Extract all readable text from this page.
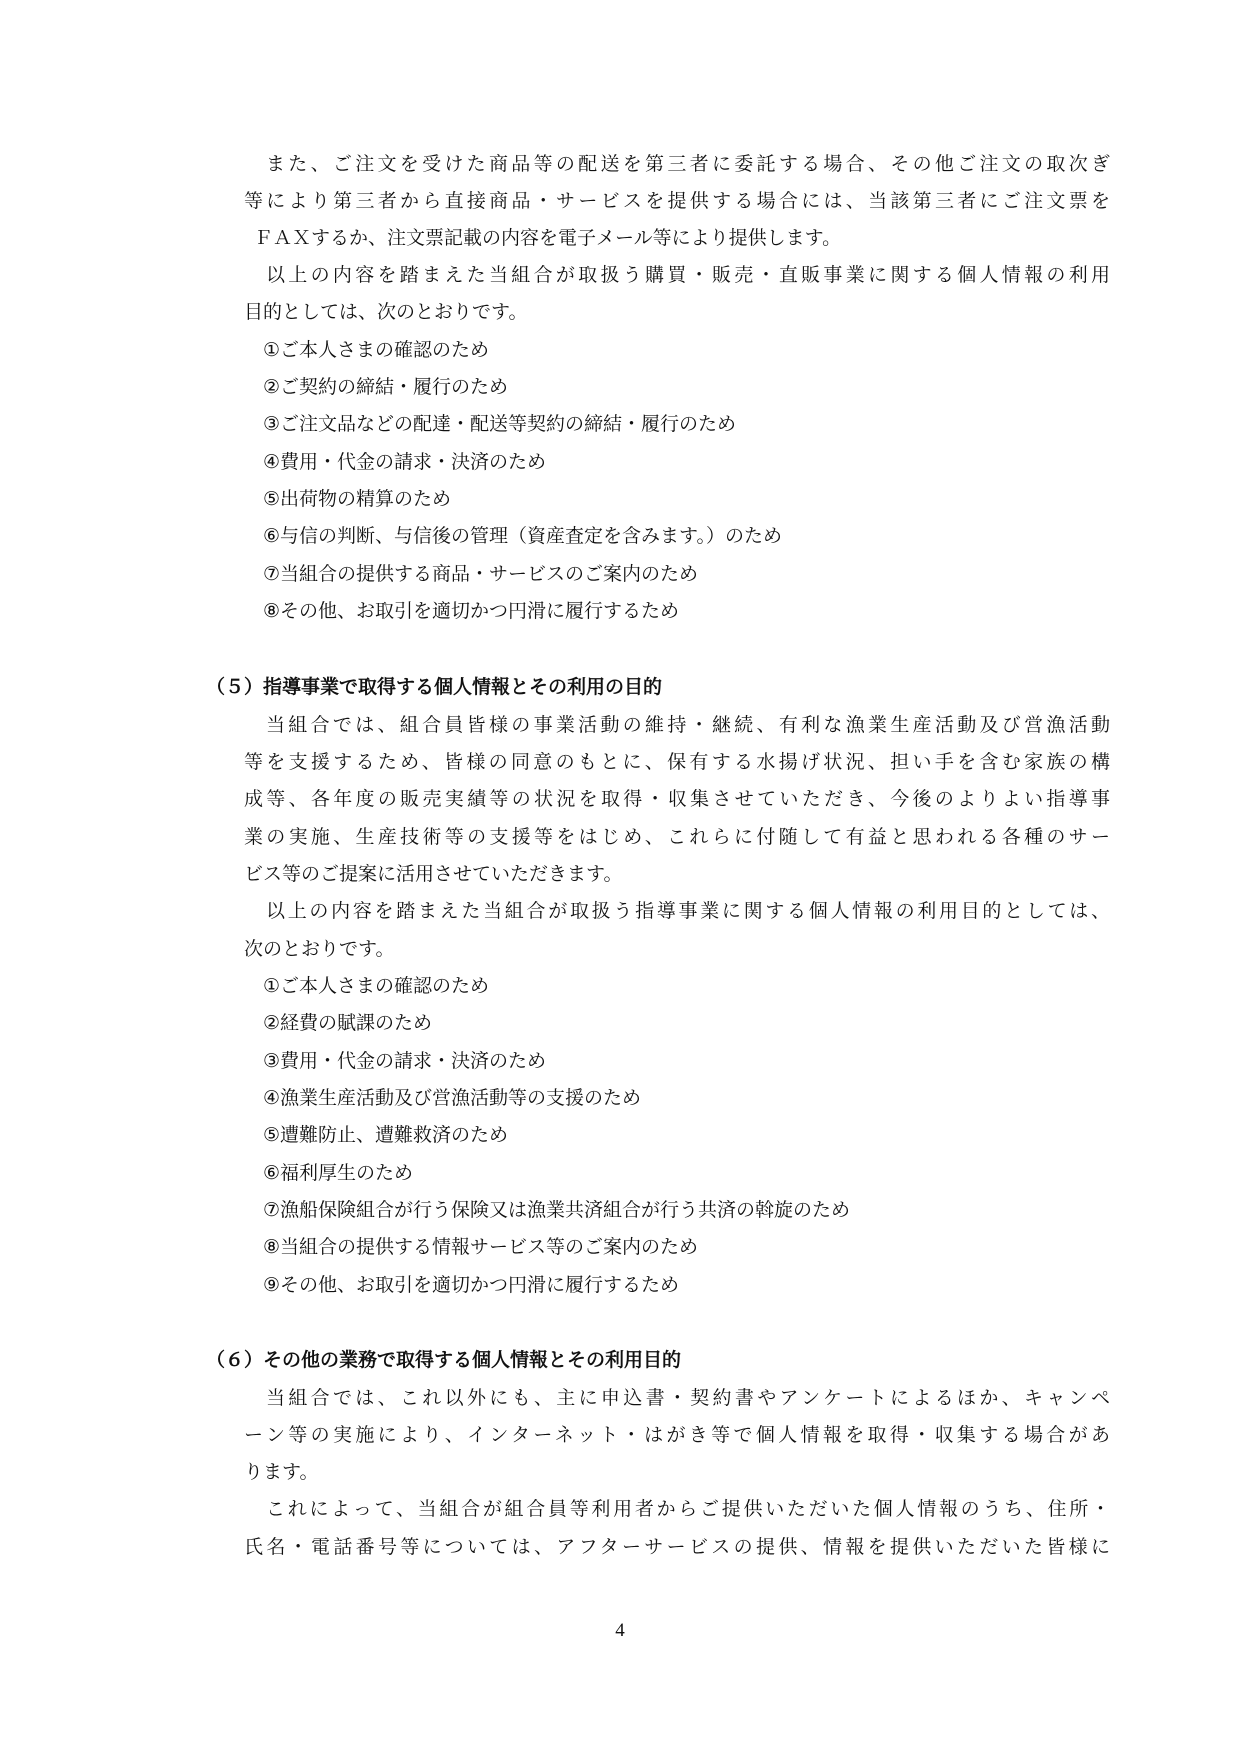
また、ご注文を受けた商品等の配送を第三者に委託する場合、その他ご注文の取次ぎ

等により第三者から直接商品・サービスを提供する場合には、当該第三者にご注文票を

ＦＡＸするか、注文票記載の内容を電子メール等により提供します。

以上の内容を踏まえた当組合が取扱う購買・販売・直販事業に関する個人情報の利用

目的としては、次のとおりです。

①ご本人さまの確認のため

②ご契約の締結・履行のため

③ご注文品などの配達・配送等契約の締結・履行のため

④費用・代金の請求・決済のため

⑤出荷物の精算のため

⑥与信の判断、与信後の管理（資産査定を含みます。）のため

⑦当組合の提供する商品・サービスのご案内のため

⑧その他、お取引を適切かつ円滑に履行するため

（５）指導事業で取得する個人情報とその利用の目的

当組合では、組合員皆様の事業活動の維持・継続、有利な漁業生産活動及び営漁活動

等を支援するため、皆様の同意のもとに、保有する水揚げ状況、担い手を含む家族の構

成等、各年度の販売実績等の状況を取得・収集させていただき、今後のよりよい指導事

業の実施、生産技術等の支援等をはじめ、これらに付随して有益と思われる各種のサー

ビス等のご提案に活用させていただきます。

以上の内容を踏まえた当組合が取扱う指導事業に関する個人情報の利用目的としては、

次のとおりです。

①ご本人さまの確認のため

②経費の賦課のため

③費用・代金の請求・決済のため

④漁業生産活動及び営漁活動等の支援のため

⑤遭難防止、遭難救済のため

⑥福利厚生のため

⑦漁船保険組合が行う保険又は漁業共済組合が行う共済の斡旋のため

⑧当組合の提供する情報サービス等のご案内のため

⑨その他、お取引を適切かつ円滑に履行するため

（６）その他の業務で取得する個人情報とその利用目的

当組合では、これ以外にも、主に申込書・契約書やアンケートによるほか、キャンペ

ーン等の実施により、インターネット・はがき等で個人情報を取得・収集する場合があ

ります。

これによって、当組合が組合員等利用者からご提供いただいた個人情報のうち、住所・

氏名・電話番号等については、アフターサービスの提供、情報を提供いただいた皆様に

4
